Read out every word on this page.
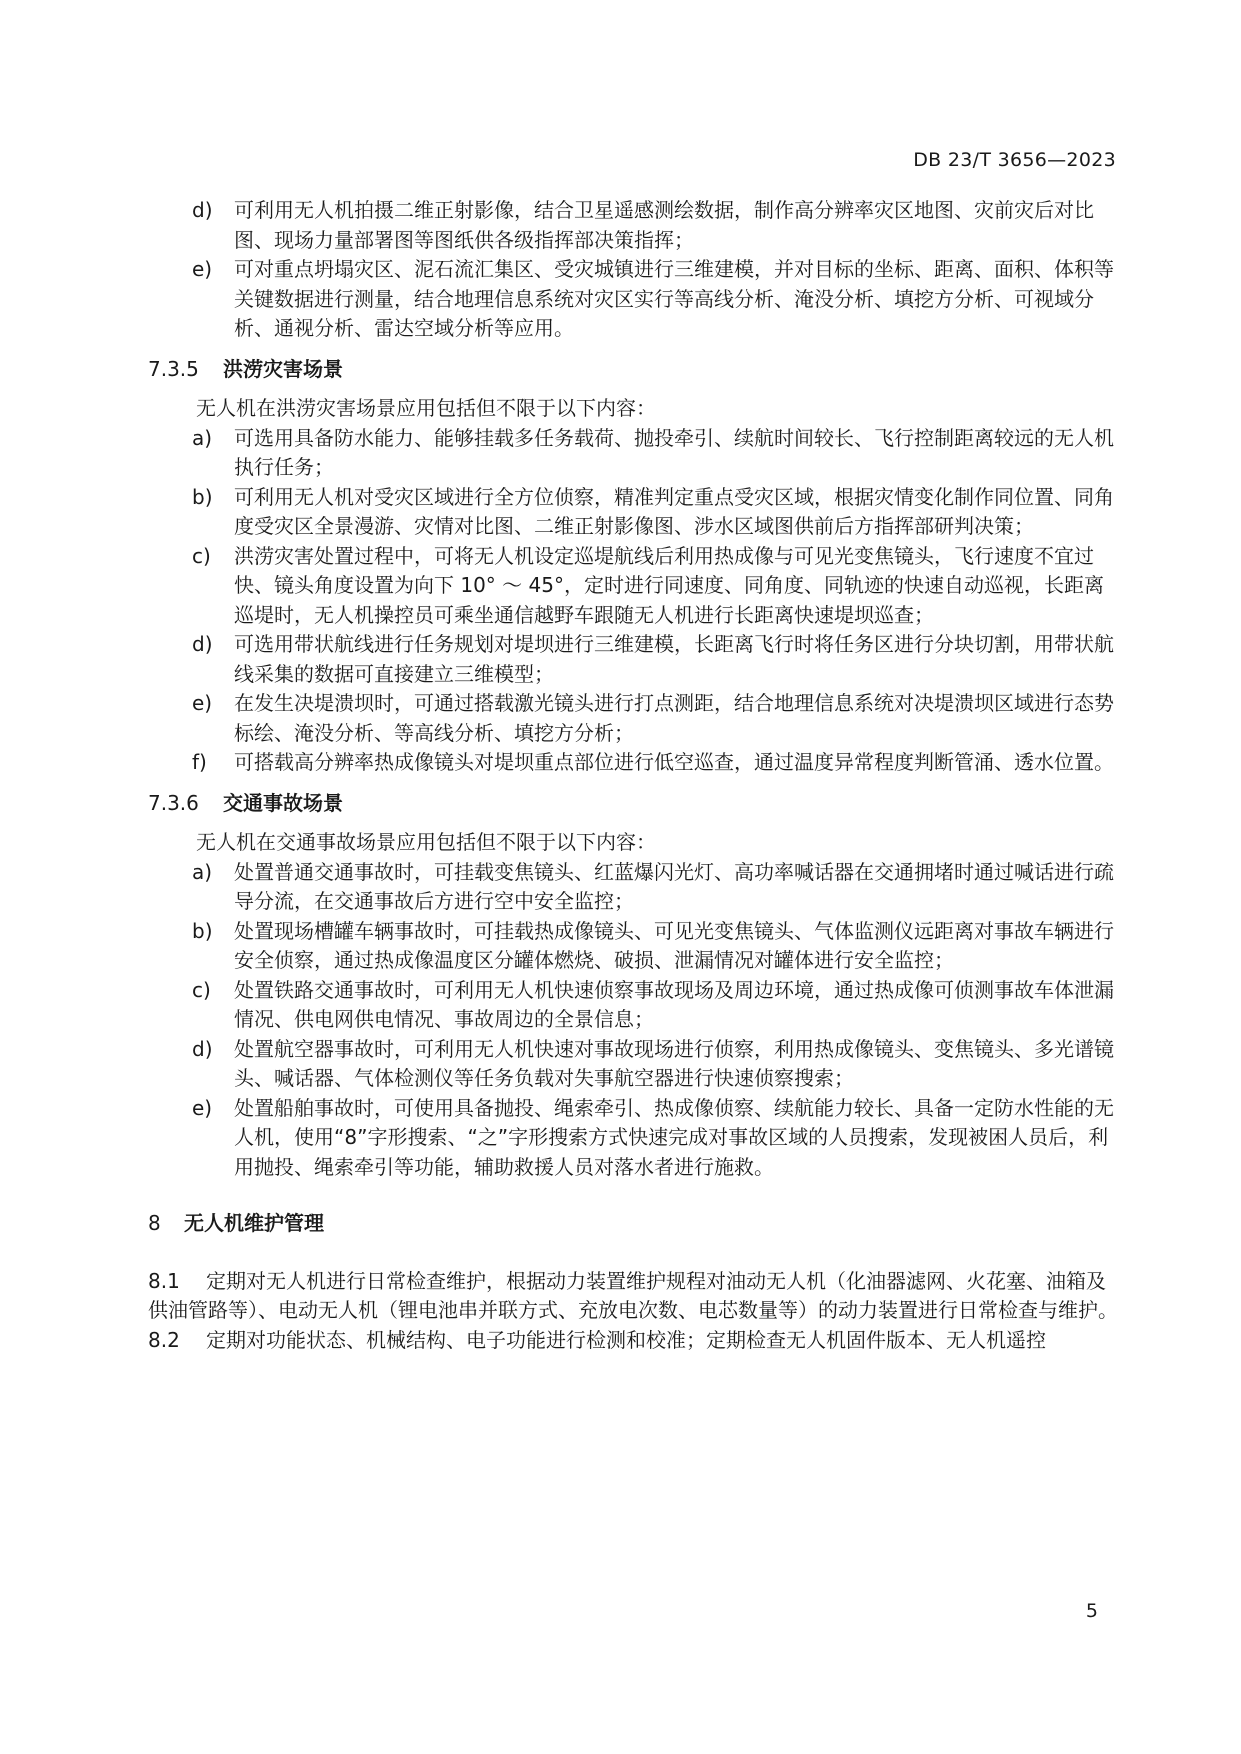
DB 23/T 3656—2023
d) 可利用无人机拍摄二维正射影像，结合卫星遥感测绘数据，制作高分辨率灾区地图、灾前灾后对比图、现场力量部署图等图纸供各级指挥部决策指挥；

e) 可对重点坍塌灾区、泥石流汇集区、受灾城镇进行三维建模，并对目标的坐标、距离、面积、体积等关键数据进行测量，结合地理信息系统对灾区实行等高线分析、淹没分析、填挖方分析、可视域分析、通视分析、雷达空域分析等应用。

7.3.5 洪涝灾害场景

无人机在洪涝灾害场景应用包括但不限于以下内容：

a) 可选用具备防水能力、能够挂载多任务载荷、抛投牵引、续航时间较长、飞行控制距离较远的无人机执行任务；

b) 可利用无人机对受灾区域进行全方位侦察，精准判定重点受灾区域，根据灾情变化制作同位置、同角度受灾区全景漫游、灾情对比图、二维正射影像图、涉水区域图供前后方指挥部研判决策；

c) 洪涝灾害处置过程中，可将无人机设定巡堤航线后利用热成像与可见光变焦镜头，飞行速度不宜过快、镜头角度设置为向下 10° ～ 45°，定时进行同速度、同角度、同轨迹的快速自动巡视，长距离巡堤时，无人机操控员可乘坐通信越野车跟随无人机进行长距离快速堤坝巡查；

d) 可选用带状航线进行任务规划对堤坝进行三维建模，长距离飞行时将任务区进行分块切割，用带状航线采集的数据可直接建立三维模型；

e) 在发生决堤溃坝时，可通过搭载激光镜头进行打点测距，结合地理信息系统对决堤溃坝区域进行态势标绘、淹没分析、等高线分析、填挖方分析；

f) 可搭载高分辨率热成像镜头对堤坝重点部位进行低空巡查，通过温度异常程度判断管涌、透水位置。

7.3.6 交通事故场景

无人机在交通事故场景应用包括但不限于以下内容：

a) 处置普通交通事故时，可挂载变焦镜头、红蓝爆闪光灯、高功率喊话器在交通拥堵时通过喊话进行疏导分流，在交通事故后方进行空中安全监控；

b) 处置现场槽罐车辆事故时，可挂载热成像镜头、可见光变焦镜头、气体监测仪远距离对事故车辆进行安全侦察，通过热成像温度区分罐体燃烧、破损、泄漏情况对罐体进行安全监控；

c) 处置铁路交通事故时，可利用无人机快速侦察事故现场及周边环境，通过热成像可侦测事故车体泄漏情况、供电网供电情况、事故周边的全景信息；

d) 处置航空器事故时，可利用无人机快速对事故现场进行侦察，利用热成像镜头、变焦镜头、多光谱镜头、喊话器、气体检测仪等任务负载对失事航空器进行快速侦察搜索；

e) 处置船舶事故时，可使用具备抛投、绳索牵引、热成像侦察、续航能力较长、具备一定防水性能的无人机，使用“8”字形搜索、“之”字形搜索方式快速完成对事故区域的人员搜索，发现被困人员后，利用抛投、绳索牵引等功能，辅助救援人员对落水者进行施救。

8 无人机维护管理

8.1 定期对无人机进行日常检查维护，根据动力装置维护规程对油动无人机（化油器滤网、火花塞、油箱及供油管路等）、电动无人机（锂电池串并联方式、充放电次数、电芯数量等）的动力装置进行日常检查与维护。

8.2 定期对功能状态、机械结构、电子功能进行检测和校准；定期检查无人机固件版本、无人机遥控

5
